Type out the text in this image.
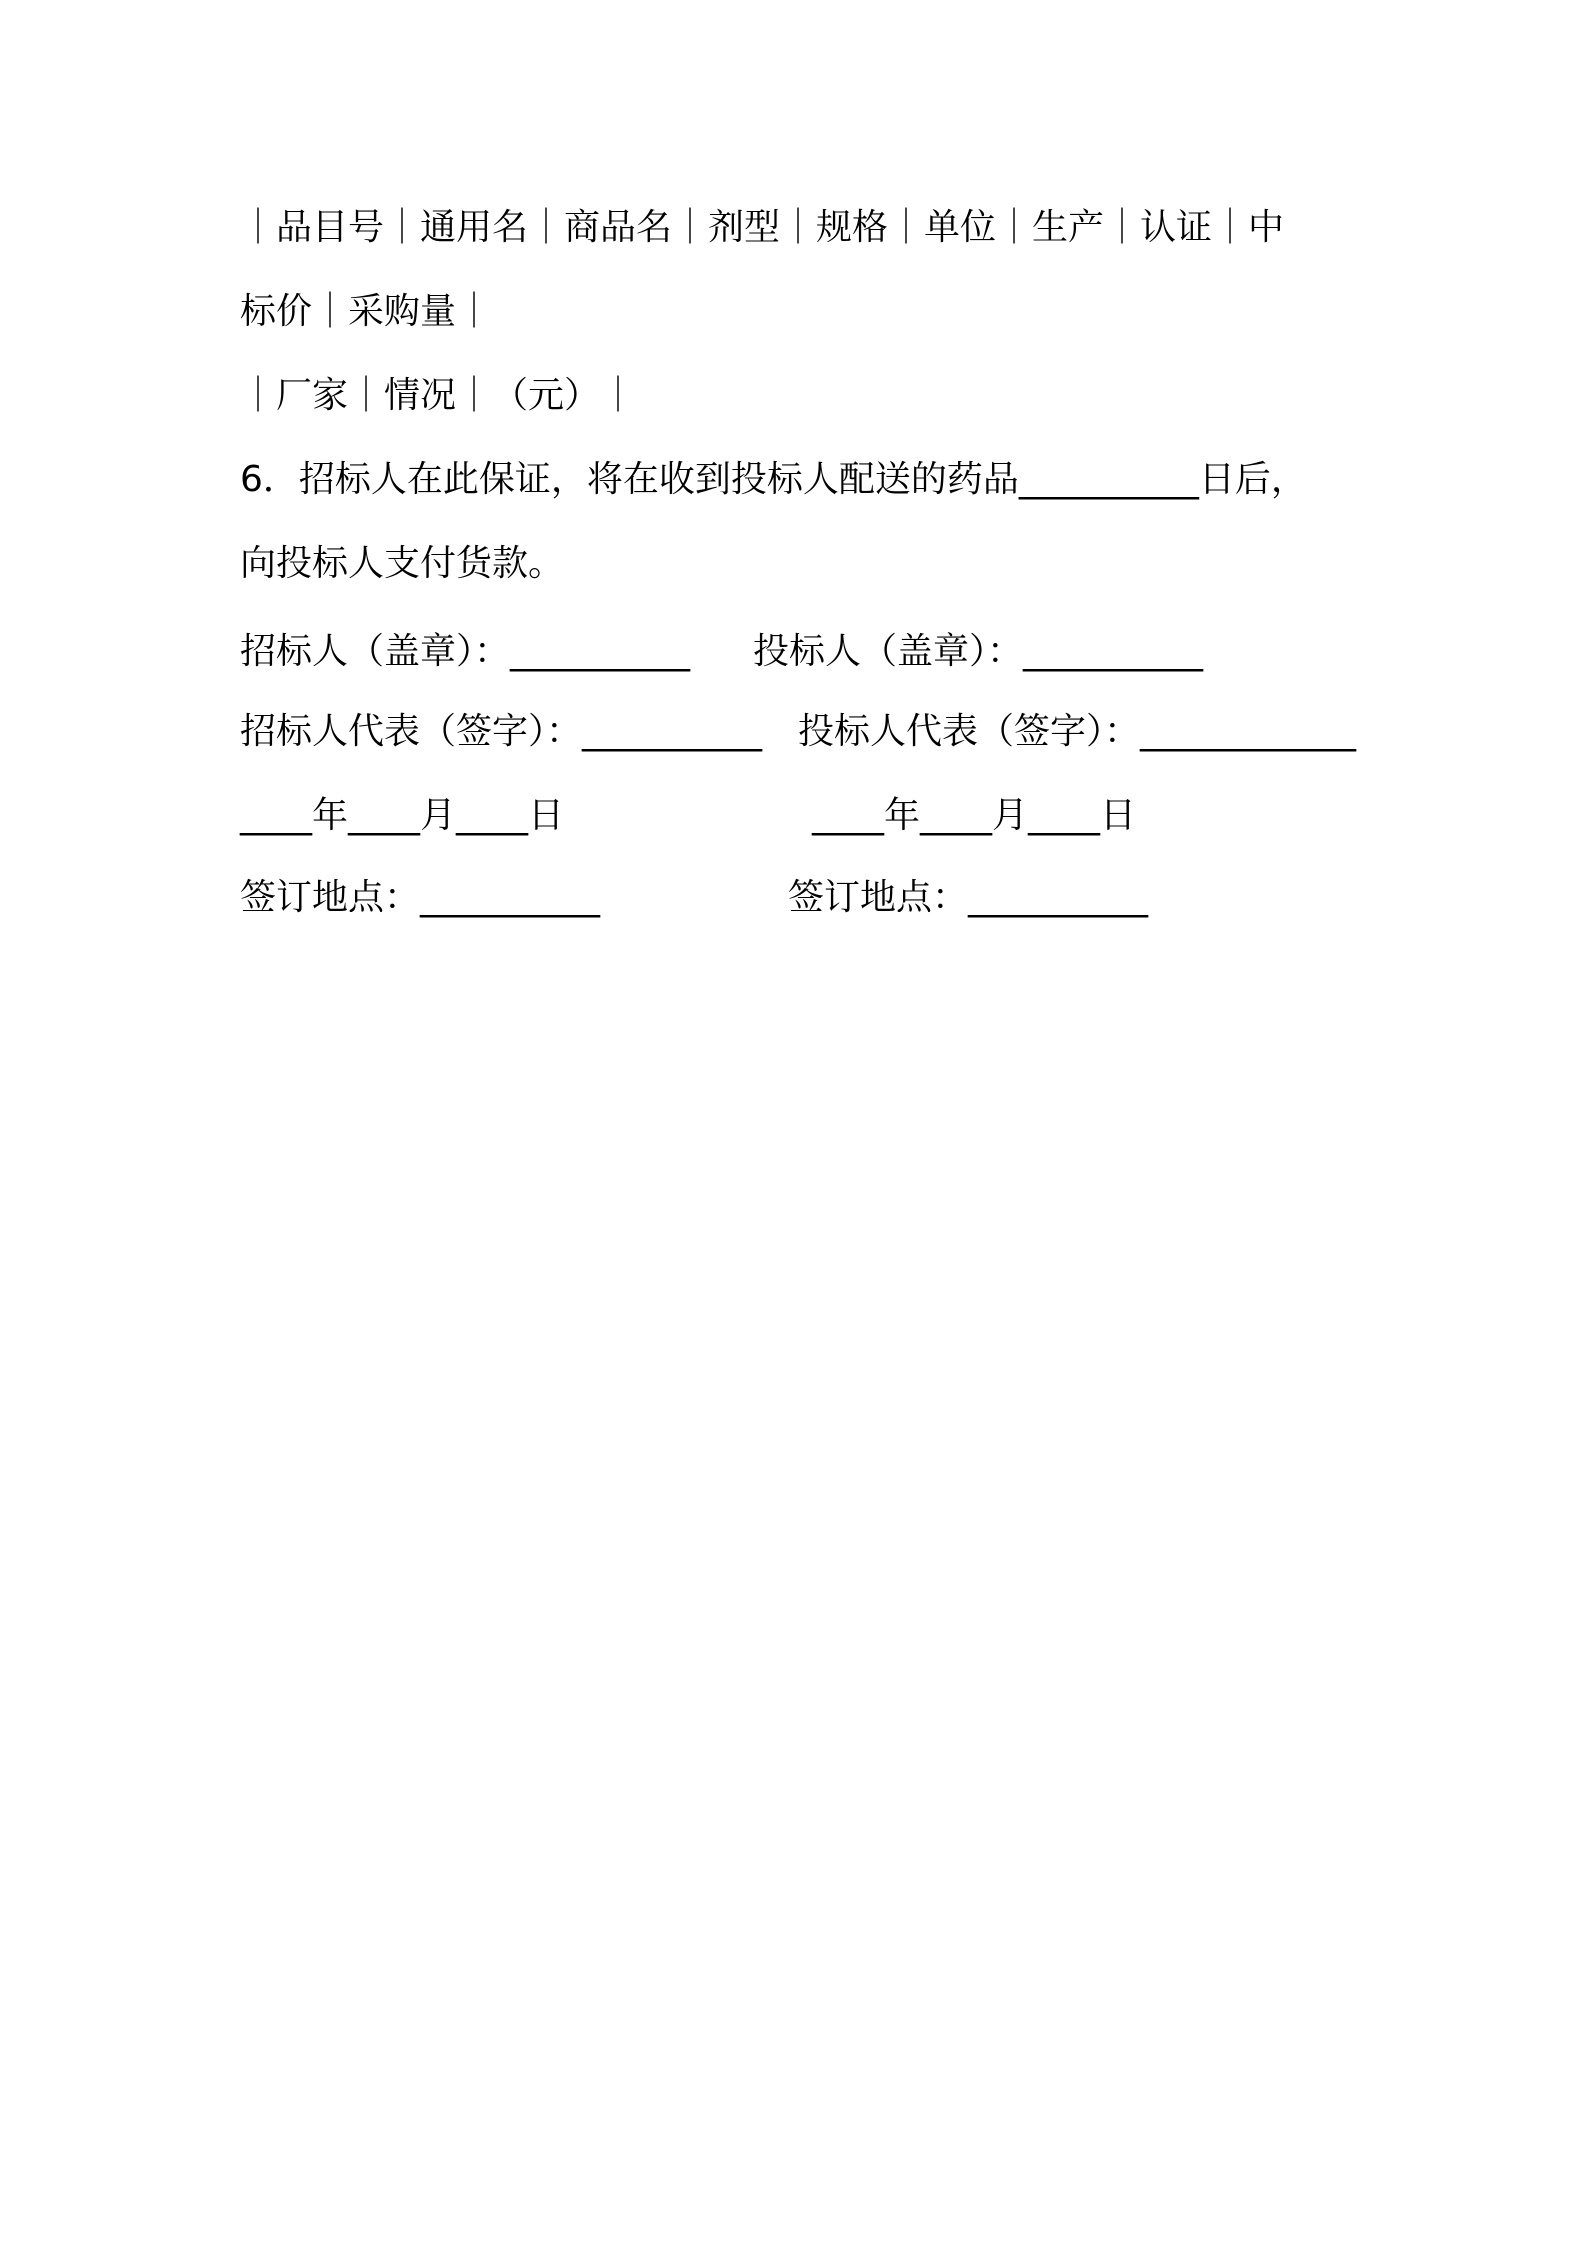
｜品目号｜通用名｜商品名｜剂型｜规格｜单位｜生产｜认证｜中
标价｜采购量｜
｜厂家｜情况｜（元）｜
6．招标人在此保证，将在收到投标人配送的药品__________日后，
向投标人支付货款。
招标人（盖章）：__________ 投标人（盖章）：__________
招标人代表（签字）：__________ 投标人代表（签字）：____________
____年____月____日	____年____月____日
签订地点：__________	签订地点：__________
